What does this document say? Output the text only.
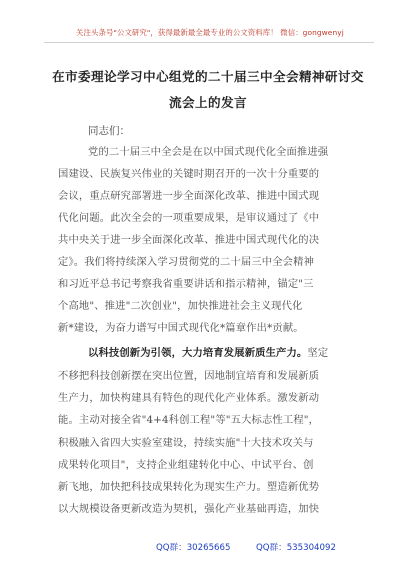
关注头条号"公文研究"，获得最新最全最专业的公文资料库！ 微信：gongwenyj
在市委理论学习中心组党的二十届三中全会精神研讨交
流会上的发言
同志们：
党的二十届三中全会是在以中国式现代化全面推进强
国建设、民族复兴伟业的关键时期召开的一次十分重要的
会议，重点研究部署进一步全面深化改革、推进中国式现
代化问题。此次全会的一项重要成果，是审议通过了《中
共中央关于进一步全面深化改革、推进中国式现代化的决
定》。我们将持续深入学习贯彻党的二十届三中全会精神
和习近平总书记考察我省重要讲话和指示精神，锚定"三
个高地"、推进"二次创业"，加快推进社会主义现代化
新*建设，为奋力谱写中国式现代化*篇章作出*贡献。
以科技创新为引领，大力培育发展新质生产力。坚定
不移把科技创新摆在突出位置，因地制宜培育和发展新质
生产力，加快构建具有特色的现代化产业体系。激发新动
能。主动对接全省"4+4科创工程"等"五大标志性工程"，
积极融入省四大实验室建设，持续实施"十大技术攻关与
成果转化项目"，支持企业组建转化中心、中试平台、创
新飞地，加快把科技成果转化为现实生产力。塑造新优势
以大规模设备更新改造为契机，强化产业基础再造，加快
QQ群：30265665	QQ群：535304092
